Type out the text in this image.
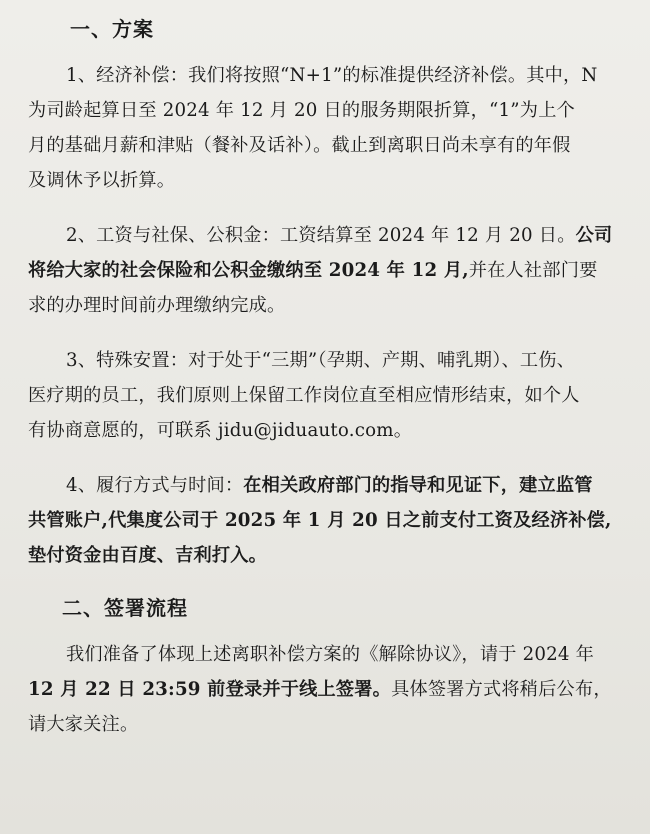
一、方案
1、经济补偿：我们将按照“N+1”的标准提供经济补偿。其中，N
为司龄起算日至 2024 年 12 月 20 日的服务期限折算，“1”为上个
月的基础月薪和津贴（餐补及话补）。截止到离职日尚未享有的年假
及调休予以折算。
2、工资与社保、公积金：工资结算至 2024 年 12 月 20 日。公司
将给大家的社会保险和公积金缴纳至 2024 年 12 月,并在人社部门要
求的办理时间前办理缴纳完成。
3、特殊安置：对于处于“三期”（孕期、产期、哺乳期）、工伤、
医疗期的员工，我们原则上保留工作岗位直至相应情形结束，如个人
有协商意愿的，可联系 jidu@jiduauto.com。
4、履行方式与时间：在相关政府部门的指导和见证下，建立监管
共管账户,代集度公司于 2025 年 1 月 20 日之前支付工资及经济补偿,
垫付资金由百度、吉利打入。
二、签署流程
我们准备了体现上述离职补偿方案的《解除协议》，请于 2024 年
12 月 22 日 23:59 前登录并于线上签署。具体签署方式将稍后公布，
请大家关注。
